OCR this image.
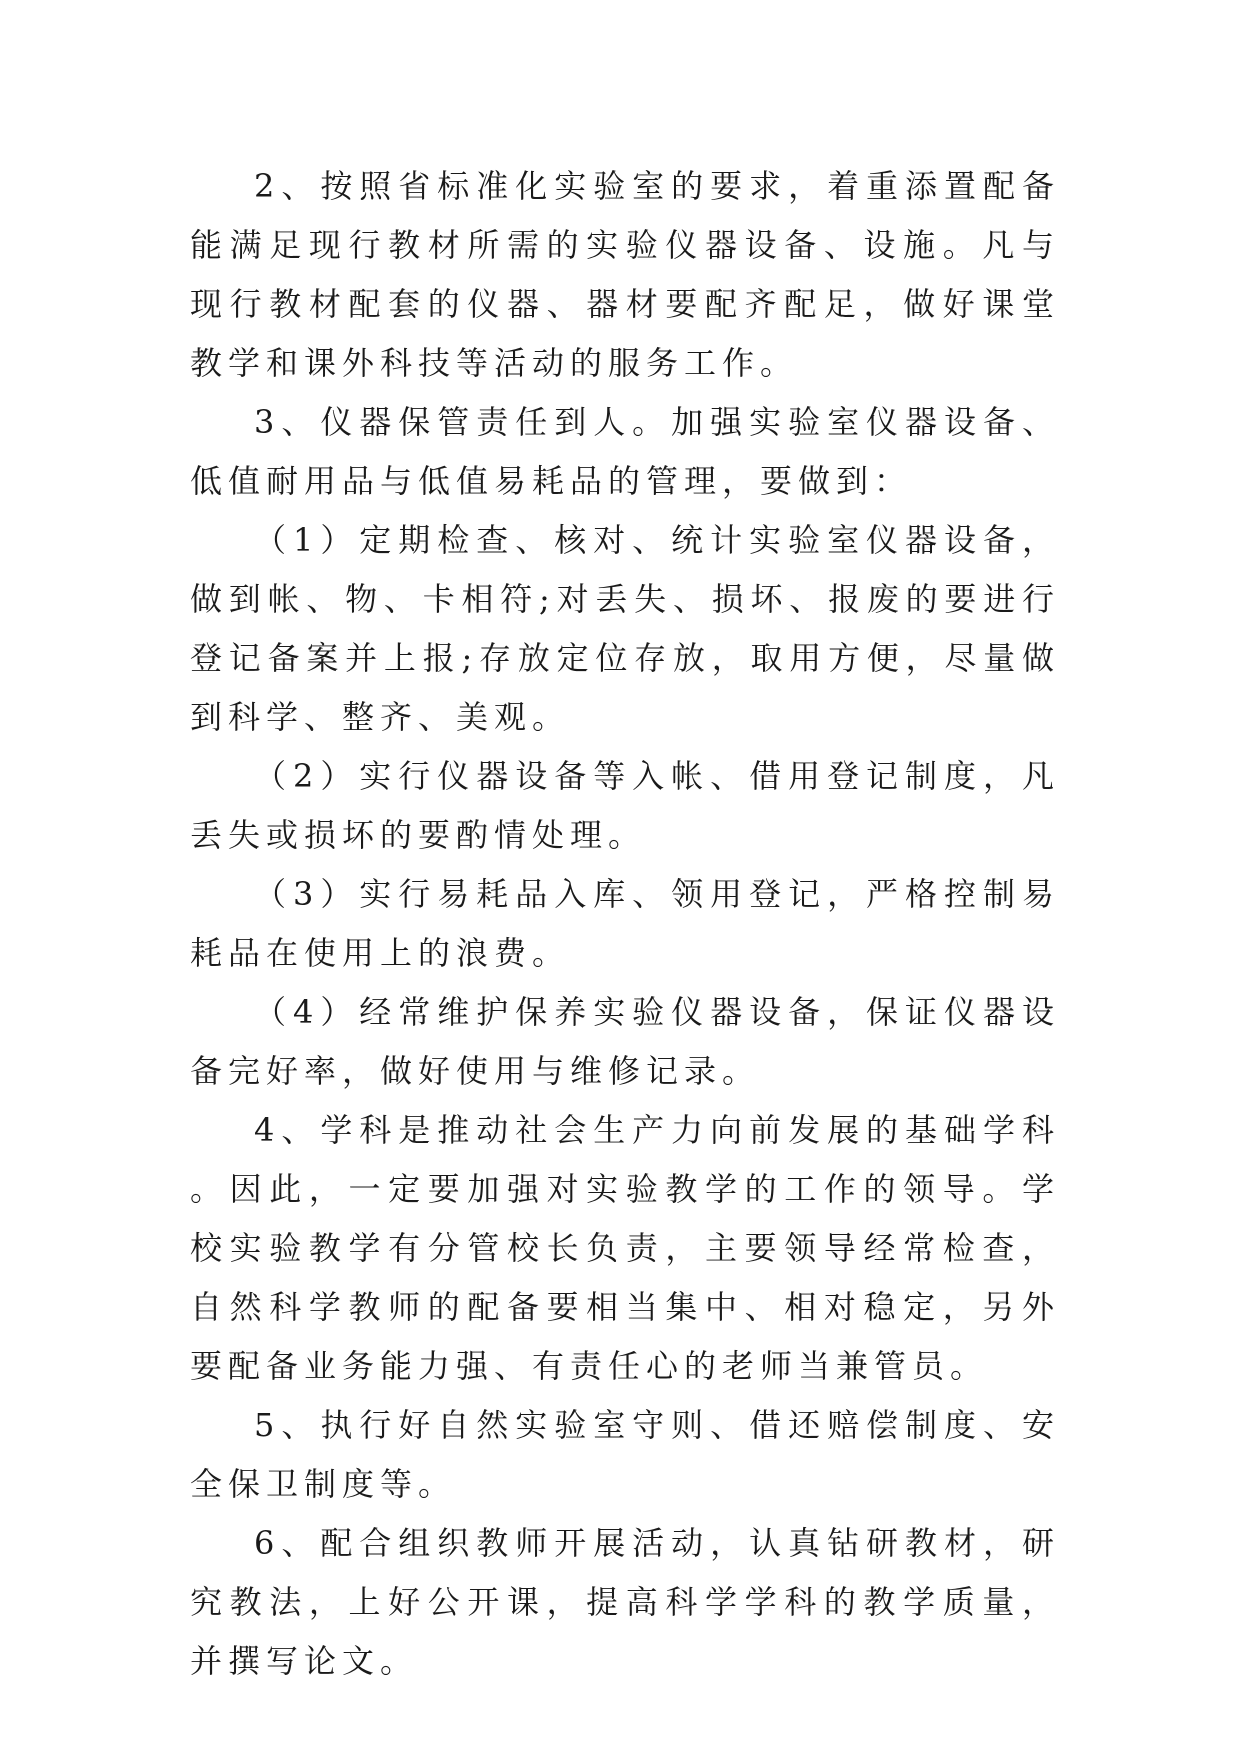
2、按照省标准化实验室的要求，着重添置配备能满足现行教材所需的实验仪器设备、设施。凡与现行教材配套的仪器、器材要配齐配足，做好课堂教学和课外科技等活动的服务工作。

3、仪器保管责任到人。加强实验室仪器设备、低值耐用品与低值易耗品的管理，要做到：

（1）定期检查、核对、统计实验室仪器设备，做到帐、物、卡相符;对丢失、损坏、报废的要进行登记备案并上报;存放定位存放，取用方便，尽量做到科学、整齐、美观。

（2）实行仪器设备等入帐、借用登记制度，凡丢失或损坏的要酌情处理。

（3）实行易耗品入库、领用登记，严格控制易耗品在使用上的浪费。

（4）经常维护保养实验仪器设备，保证仪器设备完好率，做好使用与维修记录。

4、学科是推动社会生产力向前发展的基础学科。因此，一定要加强对实验教学的工作的领导。学校实验教学有分管校长负责，主要领导经常检查，自然科学教师的配备要相当集中、相对稳定，另外要配备业务能力强、有责任心的老师当兼管员。

5、执行好自然实验室守则、借还赔偿制度、安全保卫制度等。

6、配合组织教师开展活动，认真钻研教材，研究教法，上好公开课，提高科学学科的教学质量，并撰写论文。
